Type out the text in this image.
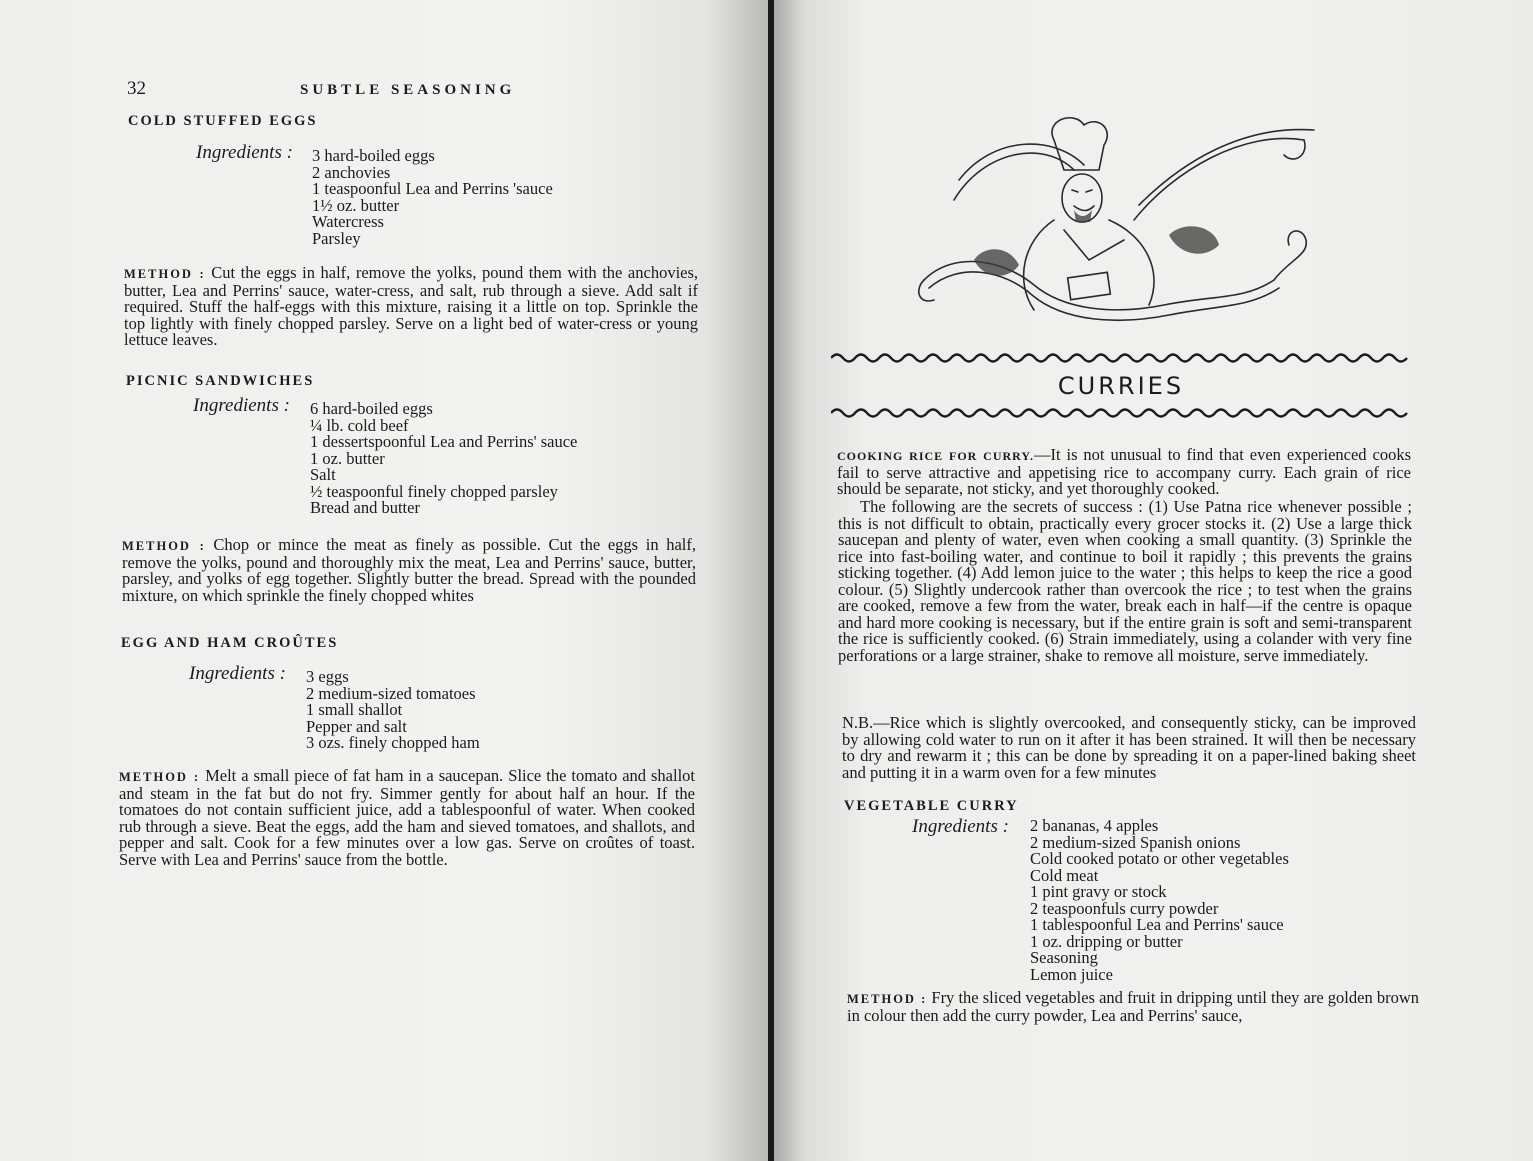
32	SUBTLE SEASONING
COLD STUFFED EGGS
Ingredients : 3 hard-boiled eggs
2 anchovies
1 teaspoonful Lea and Perrins 'sauce
1½ oz. butter
Watercress
Parsley

METHOD : Cut the eggs in half, remove the yolks, pound them with the anchovies, butter, Lea and Perrins' sauce, water-cress, and salt, rub through a sieve. Add salt if required. Stuff the half-eggs with this mixture, raising it a little on top. Sprinkle the top lightly with finely chopped parsley. Serve on a light bed of water-cress or young lettuce leaves.

PICNIC SANDWICHES
Ingredients : 6 hard-boiled eggs
¼ lb. cold beef
1 dessertspoonful Lea and Perrins' sauce
1 oz. butter
Salt
½ teaspoonful finely chopped parsley
Bread and butter

METHOD : Chop or mince the meat as finely as possible. Cut the eggs in half, remove the yolks, pound and thoroughly mix the meat, Lea and Perrins' sauce, butter, parsley, and yolks of egg together. Slightly butter the bread. Spread with the pounded mixture, on which sprinkle the finely chopped whites

EGG AND HAM CROÛTES
Ingredients : 3 eggs
2 medium-sized tomatoes
1 small shallot
Pepper and salt
3 ozs. finely chopped ham

METHOD : Melt a small piece of fat ham in a saucepan. Slice the tomato and shallot and steam in the fat but do not fry. Simmer gently for about half an hour. If the tomatoes do not contain sufficient juice, add a tablespoonful of water. When cooked rub through a sieve. Beat the eggs, add the ham and sieved tomatoes, and shallots, and pepper and salt. Cook for a few minutes over a low gas. Serve on croûtes of toast. Serve with Lea and Perrins' sauce from the bottle.

CURRIES

COOKING RICE FOR CURRY.—It is not unusual to find that even experienced cooks fail to serve attractive and appetising rice to accompany curry. Each grain of rice should be separate, not sticky, and yet thoroughly cooked.

The following are the secrets of success : (1) Use Patna rice whenever possible ; this is not difficult to obtain, practically every grocer stocks it. (2) Use a large thick saucepan and plenty of water, even when cooking a small quantity. (3) Sprinkle the rice into fast-boiling water, and continue to boil it rapidly ; this prevents the grains sticking together. (4) Add lemon juice to the water ; this helps to keep the rice a good colour. (5) Slightly undercook rather than overcook the rice ; to test when the grains are cooked, remove a few from the water, break each in half—if the centre is opaque and hard more cooking is necessary, but if the entire grain is soft and semi-transparent the rice is sufficiently cooked. (6) Strain immediately, using a colander with very fine perforations or a large strainer, shake to remove all moisture, serve immediately.

N.B.—Rice which is slightly overcooked, and consequently sticky, can be improved by allowing cold water to run on it after it has been strained. It will then be necessary to dry and rewarm it ; this can be done by spreading it on a paper-lined baking sheet and putting it in a warm oven for a few minutes

VEGETABLE CURRY
Ingredients : 2 bananas, 4 apples
2 medium-sized Spanish onions
Cold cooked potato or other vegetables
Cold meat
1 pint gravy or stock
2 teaspoonfuls curry powder
1 tablespoonful Lea and Perrins' sauce
1 oz. dripping or butter
Seasoning
Lemon juice

METHOD : Fry the sliced vegetables and fruit in dripping until they are golden brown in colour then add the curry powder, Lea and Perrins' sauce,
